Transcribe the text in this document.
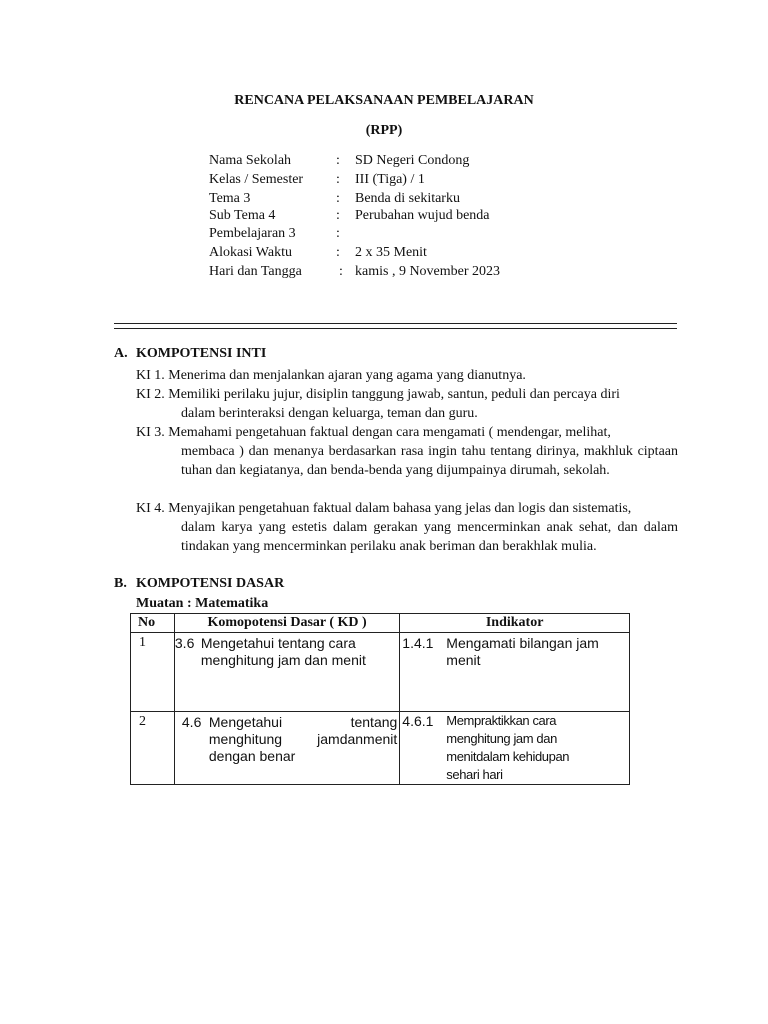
RENCANA PELAKSANAAN PEMBELAJARAN
(RPP)
Nama Sekolah	: SD Negeri Condong
Kelas / Semester : III (Tiga) / 1
Tema 3	: Benda di sekitarku
Sub Tema 4	: Perubahan wujud benda
Pembelajaran 3	:
Alokasi Waktu	: 2 x 35 Menit
Hari dan Tangga	: kamis , 9 November 2023
A. KOMPOTENSI INTI
KI 1. Menerima dan menjalankan ajaran yang agama yang dianutnya.
KI 2. Memiliki perilaku jujur, disiplin tanggung jawab, santun, peduli dan percaya diri
dalam berinteraksi dengan keluarga, teman dan guru.
KI 3. Memahami pengetahuan faktual dengan cara mengamati ( mendengar, melihat,
membaca ) dan menanya berdasarkan rasa ingin tahu tentang dirinya, makhluk ciptaan tuhan dan kegiatanya, dan benda-benda yang dijumpainya dirumah, sekolah.
KI 4. Menyajikan pengetahuan faktual dalam bahasa yang jelas dan logis dan sistematis,
dalam karya yang estetis dalam gerakan yang mencerminkan anak sehat, dan dalam tindakan yang mencerminkan perilaku anak beriman dan berakhlak mulia.
B. KOMPOTENSI DASAR
Muatan : Matematika
No	Komopotensi Dasar ( KD )	Indikator
1	3.6 Mengetahui tentang cara menghitung jam dan menit	1.4.1 Mengamati bilangan jam menit

2	4.6 Mengetahui tentang menghitung jamdanmenit dengan benar	4.6.1 Mempraktikkan cara menghitung jam dan menitdalam kehidupan sehari hari
